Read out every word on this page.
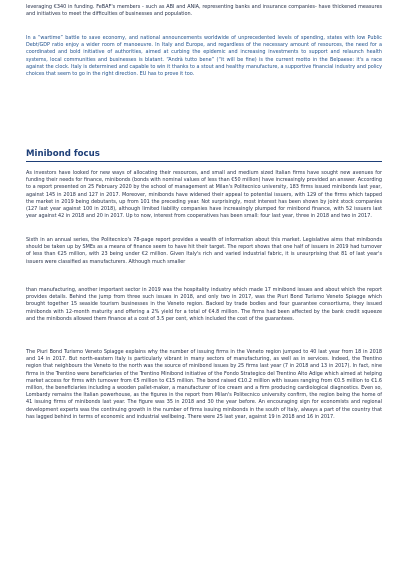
leveraging €340 in funding. FeBAF's members - such as ABI and ANIA, representing banks and insurance companies- have thickened measures and initiatives to meet the difficulties of businesses and population.

In a “wartime” battle to save economy, and national announcements worldwide of unprecedented levels of spending, states with low Public Debt/GDP ratio enjoy a wider room of manoeuvre. In Italy and Europe, and regardless of the necessary amount of resources, the need for a coordinated and bold initiative of authorities, aimed at curbing the epidemic and increasing investments to support and relaunch health systems, local communities and businesses is blatant. “Andrà tutto bene” (“it will be fine) is the current motto in the Belpaese: it's a race against the clock. Italy is determined and capable to win it thanks to a stout and healthy manufacture, a supportive financial industry and policy choices that seem to go in the right direction. EU has to prove it too.

Minibond focus

As investors have looked for new ways of allocating their resources, and small and medium sized Italian firms have sought new avenues for funding their needs for finance, minibonds (bonds with nominal values of less than €50 million) have increasingly provided an answer. According to a report presented on 25 February 2020 by the school of management at Milan's Politecnico university, 183 firms issued minibonds last year, against 145 in 2018 and 127 in 2017. Moreover, minibonds have widened their appeal to potential issuers, with 129 of the firms which tapped the market in 2019 being debutants, up from 101 the preceding year. Not surprisingly, most interest has been shown by joint stock companies (127 last year against 100 in 2018), although limited liability companies have increasingly plumped for minibond finance, with 52 issuers last year against 42 in 2018 and 20 in 2017. Up to now, interest from cooperatives has been small: four last year, three in 2018 and two in 2017.

Sixth in an annual series, the Politecnico's 78-page report provides a wealth of information about this market. Legislative aims that minibonds should be taken up by SMEs as a means of finance seem to have hit their target. The report shows that one half of issuers in 2019 had turnover of less than €25 million, with 23 being under €2 million. Given Italy's rich and varied industrial fabric, it is unsurprising that 81 of last year's issuers were classified as manufacturers. Although much smaller

than manufacturing, another important sector in 2019 was the hospitality industry which made 17 minibond issues and about which the report provides details. Behind the jump from three such issues in 2018, and only two in 2017, was the Piuri Bond Turismo Veneto Spiagge which brought together 15 seaside tourism businesses in the Veneto region. Backed by trade bodies and four guarantee consortiums, they issued minibonds with 12-month maturity and offering a 2% yield for a total of €4.8 million. The firms had been affected by the bank credit squeeze and the minibonds allowed them finance at a cost of 3.5 per cent, which included the cost of the guarantees.

The Piuri Bond Turismo Veneto Spiagge explains why the number of issuing firms in the Veneto region jumped to 40 last year from 18 in 2018 and 14 in 2017. But north-eastern Italy is particularly vibrant in many sectors of manufacturing, as well as in services. Indeed, the Trentino region that neighbours the Veneto to the north was the source of minibond issues by 25 firms last year (7 in 2018 and 13 in 2017). In fact, nine firms in the Trentino were beneficiaries of the Trentino Minibond initiative of the Fondo Strategico del Trentino Alto Adige which aimed at helping market access for firms with turnover from €5 million to €15 million. The bond raised €10.2 million with issues ranging from €0.5 million to €1.6 million, the beneficiaries including a wooden pallet-maker, a manufacturer of ice cream and a firm producing cardiological diagnostics. Even so, Lombardy remains the Italian powerhouse, as the figures in the report from Milan's Politecnico university confirm, the region being the home of 41 issuing firms of minibonds last year. The figure was 35 in 2018 and 30 the year before. An encouraging sign for economists and regional development experts was the continuing growth in the number of firms issuing minibonds in the south of Italy, always a part of the country that has lagged behind in terms of economic and industrial wellbeing. There were 25 last year, against 19 in 2018 and 16 in 2017.
